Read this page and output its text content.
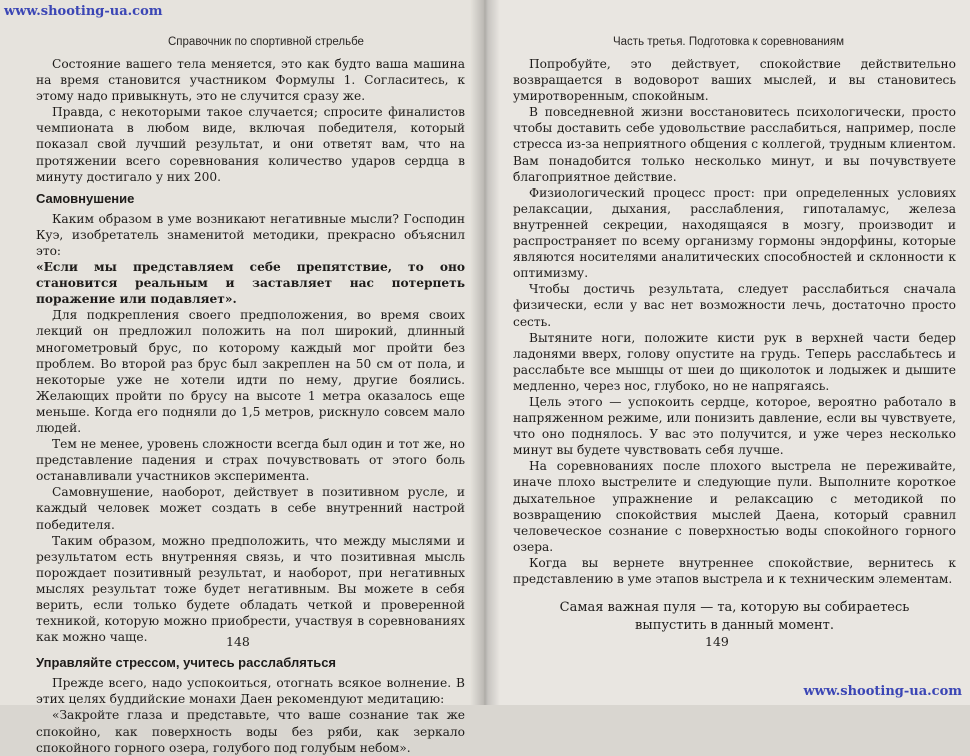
Справочник по спортивной стрельбе

Состояние вашего тела меняется, это как будто ваша машина на время становится участником Формулы 1. Согласитесь, к этому надо привыкнуть, это не случится сразу же.

Правда, с некоторыми такое случается; спросите финалистов чемпионата в любом виде, включая победителя, который показал свой лучший результат, и они ответят вам, что на протяжении всего соревнования количество ударов сердца в минуту достигало у них 200.

Самовнушение

Каким образом в уме возникают негативные мысли? Господин Куэ, изобретатель знаменитой методики, прекрасно объяснил это:

«Если мы представляем себе препятствие, то оно становится реальным и заставляет нас потерпеть поражение или подавляет».

Для подкрепления своего предположения, во время своих лекций он предложил положить на пол широкий, длинный многометровый брус, по которому каждый мог пройти без проблем. Во второй раз брус был закреплен на 50 см от пола, и некоторые уже не хотели идти по нему, другие боялись. Желающих пройти по брусу на высоте 1 метра оказалось еще меньше. Когда его подняли до 1,5 метров, рискнуло совсем мало людей.

Тем не менее, уровень сложности всегда был один и тот же, но представление падения и страх почувствовать от этого боль останавливали участников эксперимента.

Самовнушение, наоборот, действует в позитивном русле, и каждый человек может создать в себе внутренний настрой победителя.

Таким образом, можно предположить, что между мыслями и результатом есть внутренняя связь, и что позитивная мысль порождает позитивный результат, и наоборот, при негативных мыслях результат тоже будет негативным. Вы можете в себя верить, если только будете обладать четкой и проверенной техникой, которую можно приобрести, участвуя в соревнованиях как можно чаще.

Управляйте стрессом, учитесь расслабляться

Прежде всего, надо успокоиться, отогнать всякое волнение. В этих целях буддийские монахи Даен рекомендуют медитацию:

«Закройте глаза и представьте, что ваше сознание так же спокойно, как поверхность воды без ряби, как зеркало спокойного горного озера, голубого под голубым небом».

148
Часть третья. Подготовка к соревнованиям

Попробуйте, это действует, спокойствие действительно возвращается в водоворот ваших мыслей, и вы становитесь умиротворенным, спокойным.

В повседневной жизни восстановитесь психологически, просто чтобы доставить себе удовольствие расслабиться, например, после стресса из-за неприятного общения с коллегой, трудным клиентом. Вам понадобится только несколько минут, и вы почувствуете благоприятное действие.

Физиологический процесс прост: при определенных условиях релаксации, дыхания, расслабления, гипоталамус, железа внутренней секреции, находящаяся в мозгу, производит и распространяет по всему организму гормоны эндорфины, которые являются носителями аналитических способностей и склонности к оптимизму.

Чтобы достичь результата, следует расслабиться сначала физически, если у вас нет возможности лечь, достаточно просто сесть.

Вытяните ноги, положите кисти рук в верхней части бедер ладонями вверх, голову опустите на грудь. Теперь расслабьтесь и расслабьте все мышцы от шеи до щиколоток и лодыжек и дышите медленно, через нос, глубоко, но не напрягаясь.

Цель этого — успокоить сердце, которое, вероятно работало в напряженном режиме, или понизить давление, если вы чувствуете, что оно поднялось. У вас это получится, и уже через несколько минут вы будете чувствовать себя лучше.

На соревнованиях после плохого выстрела не переживайте, иначе плохо выстрелите и следующие пули. Выполните короткое дыхательное упражнение и релаксацию с методикой по возвращению спокойствия мыслей Даена, который сравнил человеческое сознание с поверхностью воды спокойного горного озера.

Когда вы вернете внутреннее спокойствие, вернитесь к представлению в уме этапов выстрела и к техническим элементам.

Самая важная пуля — та, которую вы собираетесь
выпустить в данный момент.
149
www.shooting-ua.com
www.shooting-ua.com
